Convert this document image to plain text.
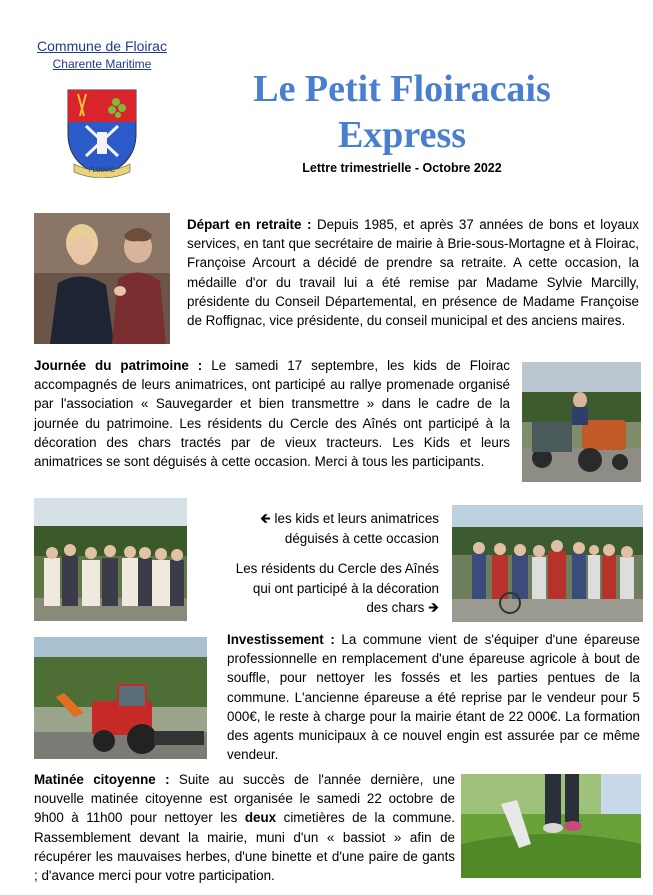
Commune de Floirac
Charente Maritime
FLOIRAC
Le Petit Floiracais
Express
Lettre trimestrielle - Octobre 2022
Départ en retraite : Depuis 1985, et après 37 années de bons et loyaux services, en tant que secrétaire de mairie à Brie-sous-Mortagne et à Floirac, Françoise Arcourt a décidé de prendre sa retraite. A cette occasion, la médaille d'or du travail lui a été remise par Madame Sylvie Marcilly, présidente du Conseil Départemental, en présence de Madame Françoise de Roffignac, vice présidente, du conseil municipal et des anciens maires.
Journée du patrimoine : Le samedi 17 septembre, les kids de Floirac accompagnés de leurs animatrices, ont participé au rallye promenade organisé par l'association « Sauvegarder et bien transmettre » dans le cadre de la journée du patrimoine. Les résidents du Cercle des Aînés ont participé à la décoration des chars tractés par de vieux tracteurs. Les Kids et leurs animatrices se sont déguisés à cette occasion. Merci à tous les participants.
🡸 les kids et leurs animatrices
déguisés à cette occasion
Les résidents du Cercle des Aînés
qui ont participé à la décoration
des chars 🡺
Investissement : La commune vient de s'équiper d'une épareuse professionnelle en remplacement d'une épareuse agricole à bout de souffle, pour nettoyer les fossés et les parties pentues de la commune. L'ancienne épareuse a été reprise par le vendeur pour 5 000€, le reste à charge pour la mairie étant de 22 000€. La formation des agents municipaux à ce nouvel engin est assurée par ce même vendeur.
Matinée citoyenne : Suite au succès de l'année dernière, une nouvelle matinée citoyenne est organisée le samedi 22 octobre de 9h00 à 11h00 pour nettoyer les deux cimetières de la commune. Rassemblement devant la mairie, muni d'un « bassiot » afin de récupérer les mauvaises herbes, d'une binette et d'une paire de gants ; d'avance merci pour votre participation.
